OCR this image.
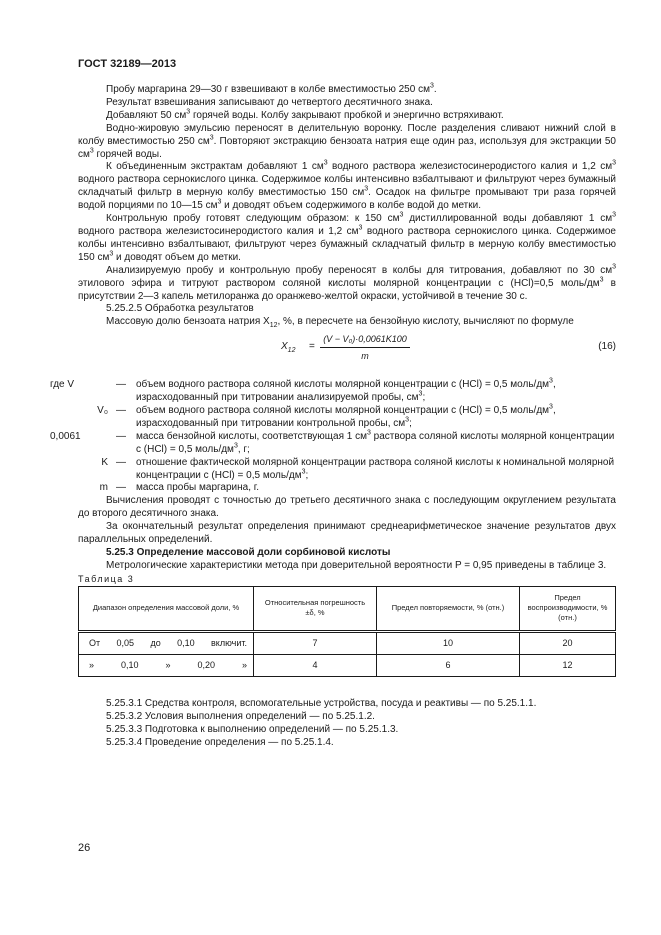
ГОСТ 32189—2013

Пробу маргарина 29—30 г взвешивают в колбе вместимостью 250 $см^3$.

Результат взвешивания записывают до четвертого десятичного знака.

Добавляют 50 $см^3$ горячей воды. Колбу закрывают пробкой и энергично встряхивают.

Водно-жировую эмульсию переносят в делительную воронку. После разделения сливают нижний слой в колбу вместимостью 250 $см^3$. Повторяют экстракцию бензоата натрия еще один раз, используя для экстракции 50 $см^3$ горячей воды.

К объединенным экстрактам добавляют 1 $см^3$ водного раствора железистосинеродистого калия и 1,2 $см^3$ водного раствора сернокислого цинка. Содержимое колбы интенсивно взбалтывают и фильтруют через бумажный складчатый фильтр в мерную колбу вместимостью 150 $см^3$. Осадок на фильтре промывают три раза горячей водой порциями по 10—15 $см^3$ и доводят объем содержимого в колбе водой до метки.

Контрольную пробу готовят следующим образом: к 150 $см^3$ дистиллированной воды добавляют 1 $см^3$ водного раствора железистосинеродистого калия и 1,2 $см^3$ водного раствора сернокислого цинка. Содержимое колбы интенсивно взбалтывают, фильтруют через бумажный складчатый фильтр в мерную колбу вместимостью 150 $см^3$ и доводят объем до метки.

Анализируемую пробу и контрольную пробу переносят в колбы для титрования, добавляют по 30 $см^3$ этилового эфира и титруют раствором соляной кислоты молярной концентрации с (HCl)=0,5 моль/$дм^3$ в присутствии 2—3 капель метилоранжа до оранжево-желтой окраски, устойчивой в течение 30 с.

5.25.2.5 Обработка результатов

Массовую долю бензоата натрия $X_{12}$, %, в пересчете на бензойную кислоту, вычисляют по формуле

$X_{12} = \frac{\text{(V − V₀)·0,0061K100}}{m}$	(16)
где V	—	объем водного раствора соляной кислоты молярной концентрации с (HCl) = 0,5 моль/$дм^3$, израсходованный при титровании анализируемой пробы, $см^3$;
V₀ —	объем водного раствора соляной кислоты молярной концентрации с (HCl) = 0,5 моль/$дм^3$, израсходованный при титровании контрольной пробы, $см^3$;
0,0061	—	масса бензойной кислоты, соответствующая 1 $см^3$ раствора соляной кислоты молярной концентрации с (HCl) = 0,5 моль/$дм^3$, г;
K —	отношение фактической молярной концентрации раствора соляной кислоты к номинальной молярной концентрации с (HCl) = 0,5 моль/$дм^3$;
m —	масса пробы маргарина, г.

Вычисления проводят с точностью до третьего десятичного знака с последующим округлением результата до второго десятичного знака.

За окончательный результат определения принимают среднеарифметическое значение результатов двух параллельных определений.

5.25.3 Определение массовой доли сорбиновой кислоты

Метрологические характеристики метода при доверительной вероятности P = 0,95 приведены в таблице 3.

Таблица 3

Диапазон определения массовой доли, %	Относительная погрешность ±δ, %	Предел повторяемости, % (отн.)	Предел воспроизводимости, % (отн.)

От 0,05 до 0,10 включит.	7	10	20

» 0,10 » 0,20 »	4	6	12

5.25.3.1 Средства контроля, вспомогательные устройства, посуда и реактивы — по 5.25.1.1.

5.25.3.2 Условия выполнения определений — по 5.25.1.2.

5.25.3.3 Подготовка к выполнению определений — по 5.25.1.3.

5.25.3.4 Проведение определения — по 5.25.1.4.

26
